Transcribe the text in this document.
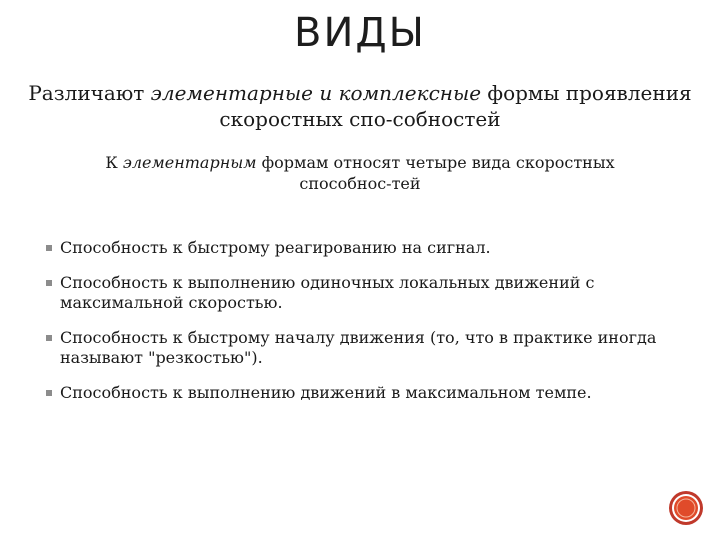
ВИДЫ
Различают элементарные и комплексные формы проявления скоростных спо-собностей
К элементарным формам относят четыре вида скоростных способнос-тей
Способность к быстрому реагированию на сигнал.
Способность к выполнению одиночных локальных движений с максимальной скоростью.
Способность к быстрому началу движения (то, что в практике иногда называют "резкостью").
Способность к выполнению движений в максимальном темпе.
